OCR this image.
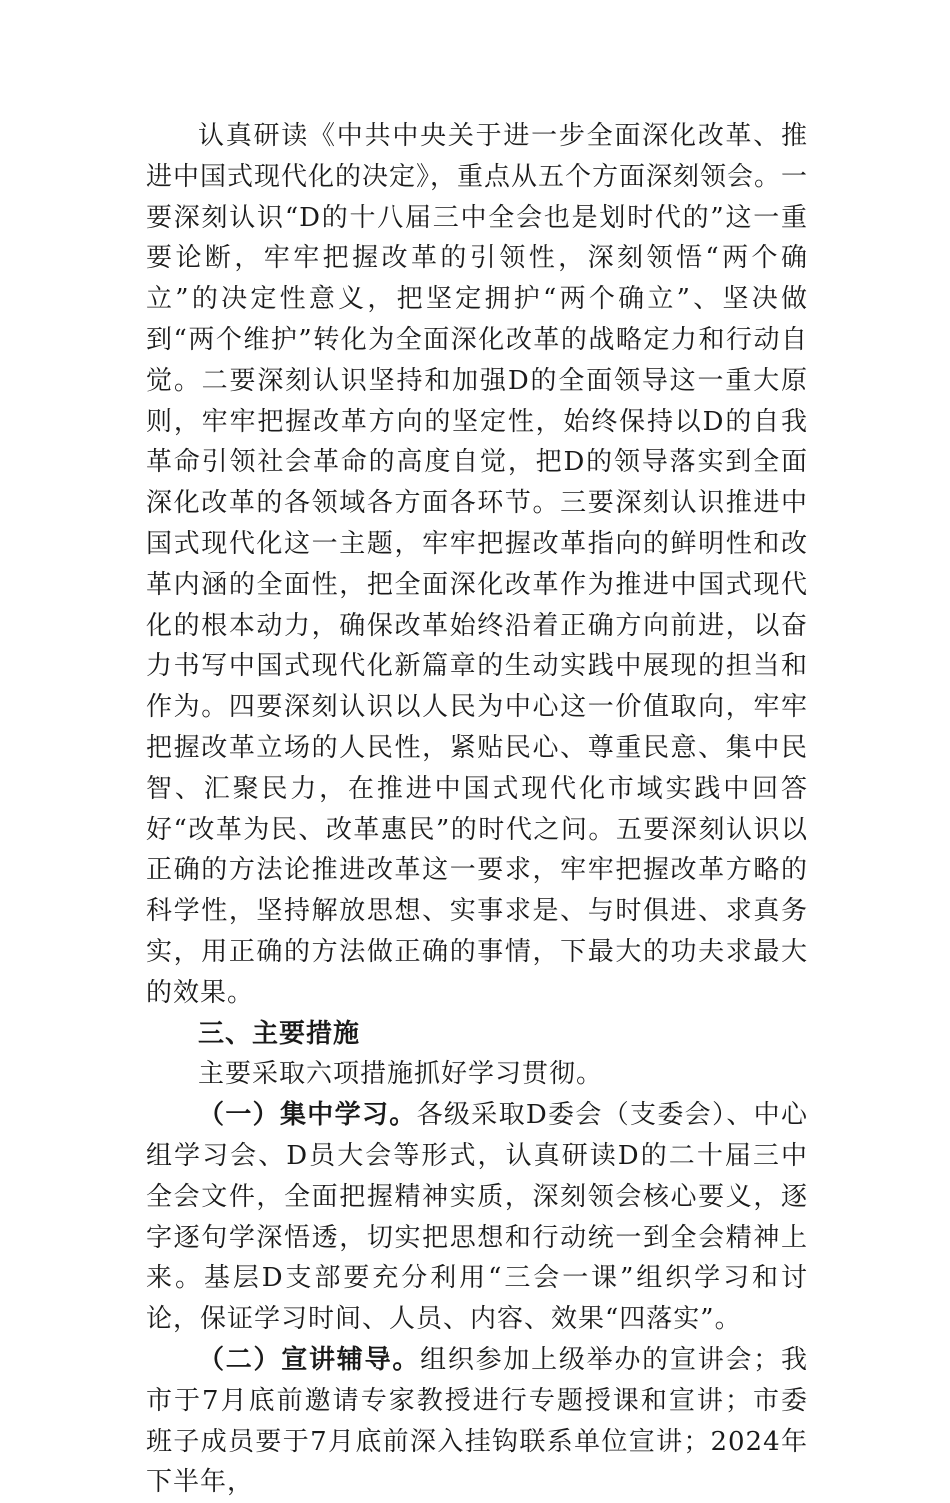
认真研读《中共中央关于进一步全面深化改革、推进中国式现代化的决定》，重点从五个方面深刻领会。一要深刻认识“D的十八届三中全会也是划时代的”这一重要论断，牢牢把握改革的引领性，深刻领悟“两个确立”的决定性意义，把坚定拥护“两个确立”、坚决做到“两个维护”转化为全面深化改革的战略定力和行动自觉。二要深刻认识坚持和加强D的全面领导这一重大原则，牢牢把握改革方向的坚定性，始终保持以D的自我革命引领社会革命的高度自觉，把D的领导落实到全面深化改革的各领域各方面各环节。三要深刻认识推进中国式现代化这一主题，牢牢把握改革指向的鲜明性和改革内涵的全面性，把全面深化改革作为推进中国式现代化的根本动力，确保改革始终沿着正确方向前进，以奋力书写中国式现代化新篇章的生动实践中展现的担当和作为。四要深刻认识以人民为中心这一价值取向，牢牢把握改革立场的人民性，紧贴民心、尊重民意、集中民智、汇聚民力，在推进中国式现代化市域实践中回答好“改革为民、改革惠民”的时代之问。五要深刻认识以正确的方法论推进改革这一要求，牢牢把握改革方略的科学性，坚持解放思想、实事求是、与时俱进、求真务实，用正确的方法做正确的事情，下最大的功夫求最大的效果。

三、主要措施

主要采取六项措施抓好学习贯彻。

（一）集中学习。各级采取D委会（支委会）、中心组学习会、D员大会等形式，认真研读D的二十届三中全会文件，全面把握精神实质，深刻领会核心要义，逐字逐句学深悟透，切实把思想和行动统一到全会精神上来。基层D支部要充分利用“三会一课”组织学习和讨论，保证学习时间、人员、内容、效果“四落实”。

（二）宣讲辅导。组织参加上级举办的宣讲会；我市于7月底前邀请专家教授进行专题授课和宣讲；市委班子成员要于7月底前深入挂钩联系单位宣讲；2024年下半年，
